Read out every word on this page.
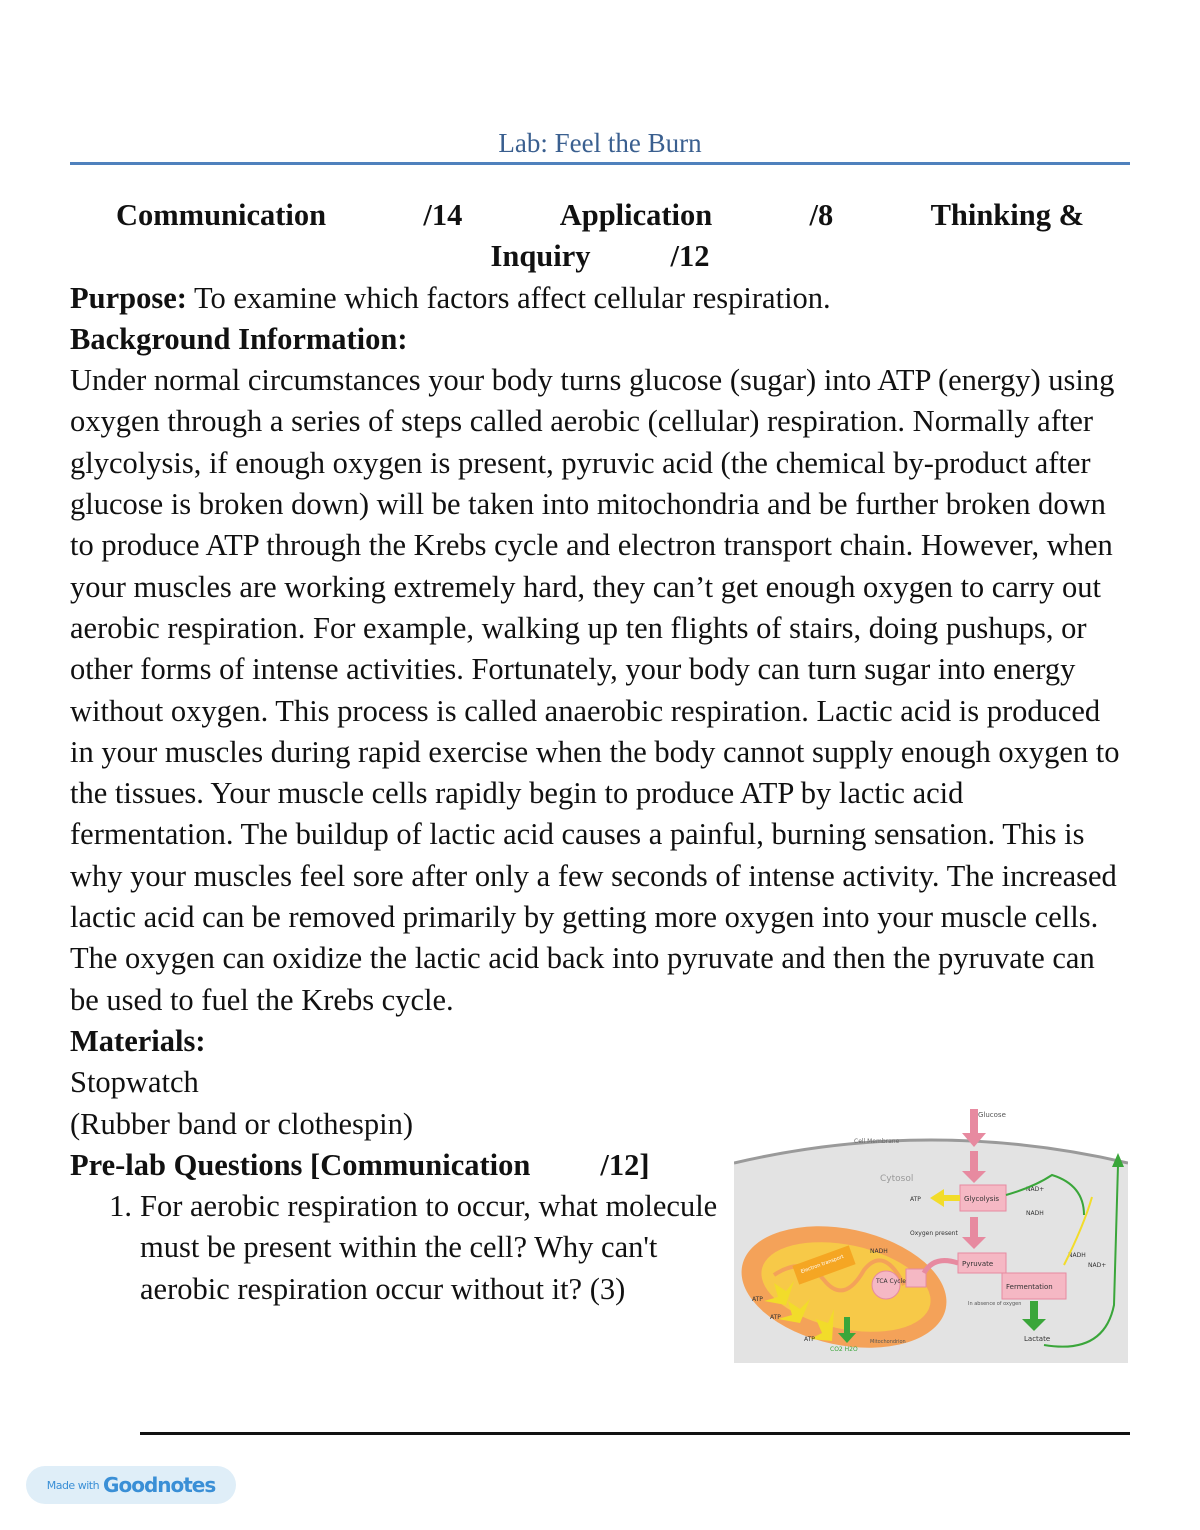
Lab: Feel the Burn
Communication	/14	Application	/8	Thinking &
Inquiry	/12
Purpose: To examine which factors affect cellular respiration.
Background Information:
Under normal circumstances your body turns glucose (sugar) into ATP (energy) using oxygen through a series of steps called aerobic (cellular) respiration. Normally after glycolysis, if enough oxygen is present, pyruvic acid (the chemical by-product after glucose is broken down) will be taken into mitochondria and be further broken down to produce ATP through the Krebs cycle and electron transport chain. However, when your muscles are working extremely hard, they can’t get enough oxygen to carry out aerobic respiration. For example, walking up ten flights of stairs, doing pushups, or other forms of intense activities. Fortunately, your body can turn sugar into energy without oxygen. This process is called anaerobic respiration. Lactic acid is produced in your muscles during rapid exercise when the body cannot supply enough oxygen to the tissues. Your muscle cells rapidly begin to produce ATP by lactic acid fermentation. The buildup of lactic acid causes a painful, burning sensation. This is why your muscles feel sore after only a few seconds of intense activity. The increased lactic acid can be removed primarily by getting more oxygen into your muscle cells. The oxygen can oxidize the lactic acid back into pyruvate and then the pyruvate can be used to fuel the Krebs cycle.
Materials:
Stopwatch
(Rubber band or clothespin)
Pre-lab Questions [Communication /12]
1. For aerobic respiration to occur, what molecule must be present within the cell? Why can't aerobic respiration occur without it? (3)
Cell Membrane
Cytosol
Glucose
Glycolysis
ATP
NAD+
NADH
Oxygen present
Pyruvate
Fermentation
In absence of oxygen
Lactate
NADH
NAD+
Electron transport
TCA Cycle
NADH
ATP
ATP
ATP
CO2 H2O
Mitochondrion
Made with Goodnotes
